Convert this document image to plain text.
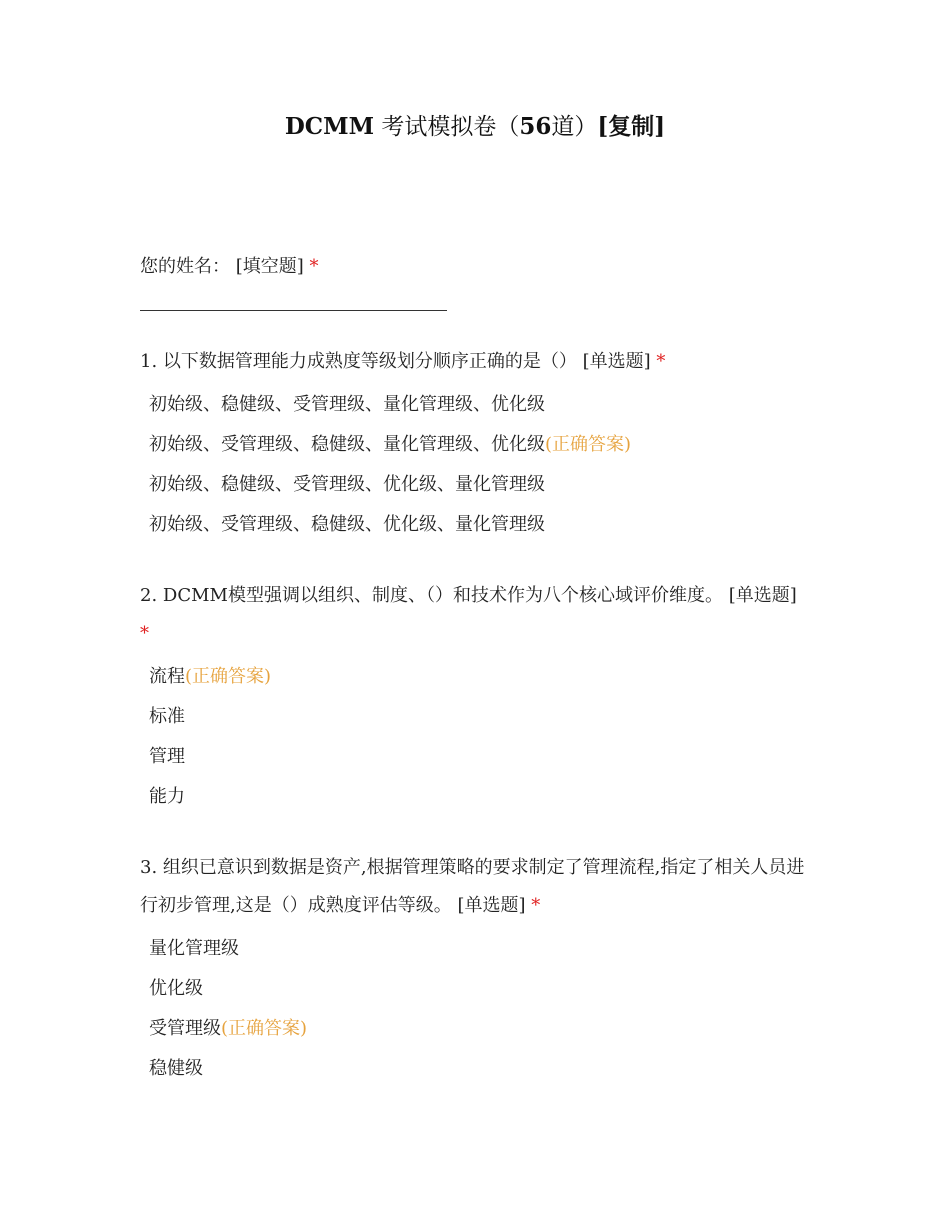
DCMM 考试模拟卷（56道）[复制]

您的姓名： [填空题] *

1. 以下数据管理能力成熟度等级划分顺序正确的是（） [单选题] *

初始级、稳健级、受管理级、量化管理级、优化级
初始级、受管理级、稳健级、量化管理级、优化级(正确答案)
初始级、稳健级、受管理级、优化级、量化管理级
初始级、受管理级、稳健级、优化级、量化管理级

2. DCMM模型强调以组织、制度、（）和技术作为八个核心域评价维度。 [单选题] *

流程(正确答案)
标准
管理
能力

3. 组织已意识到数据是资产,根据管理策略的要求制定了管理流程,指定了相关人员进行初步管理,这是（）成熟度评估等级。 [单选题] *

量化管理级
优化级
受管理级(正确答案)
稳健级
